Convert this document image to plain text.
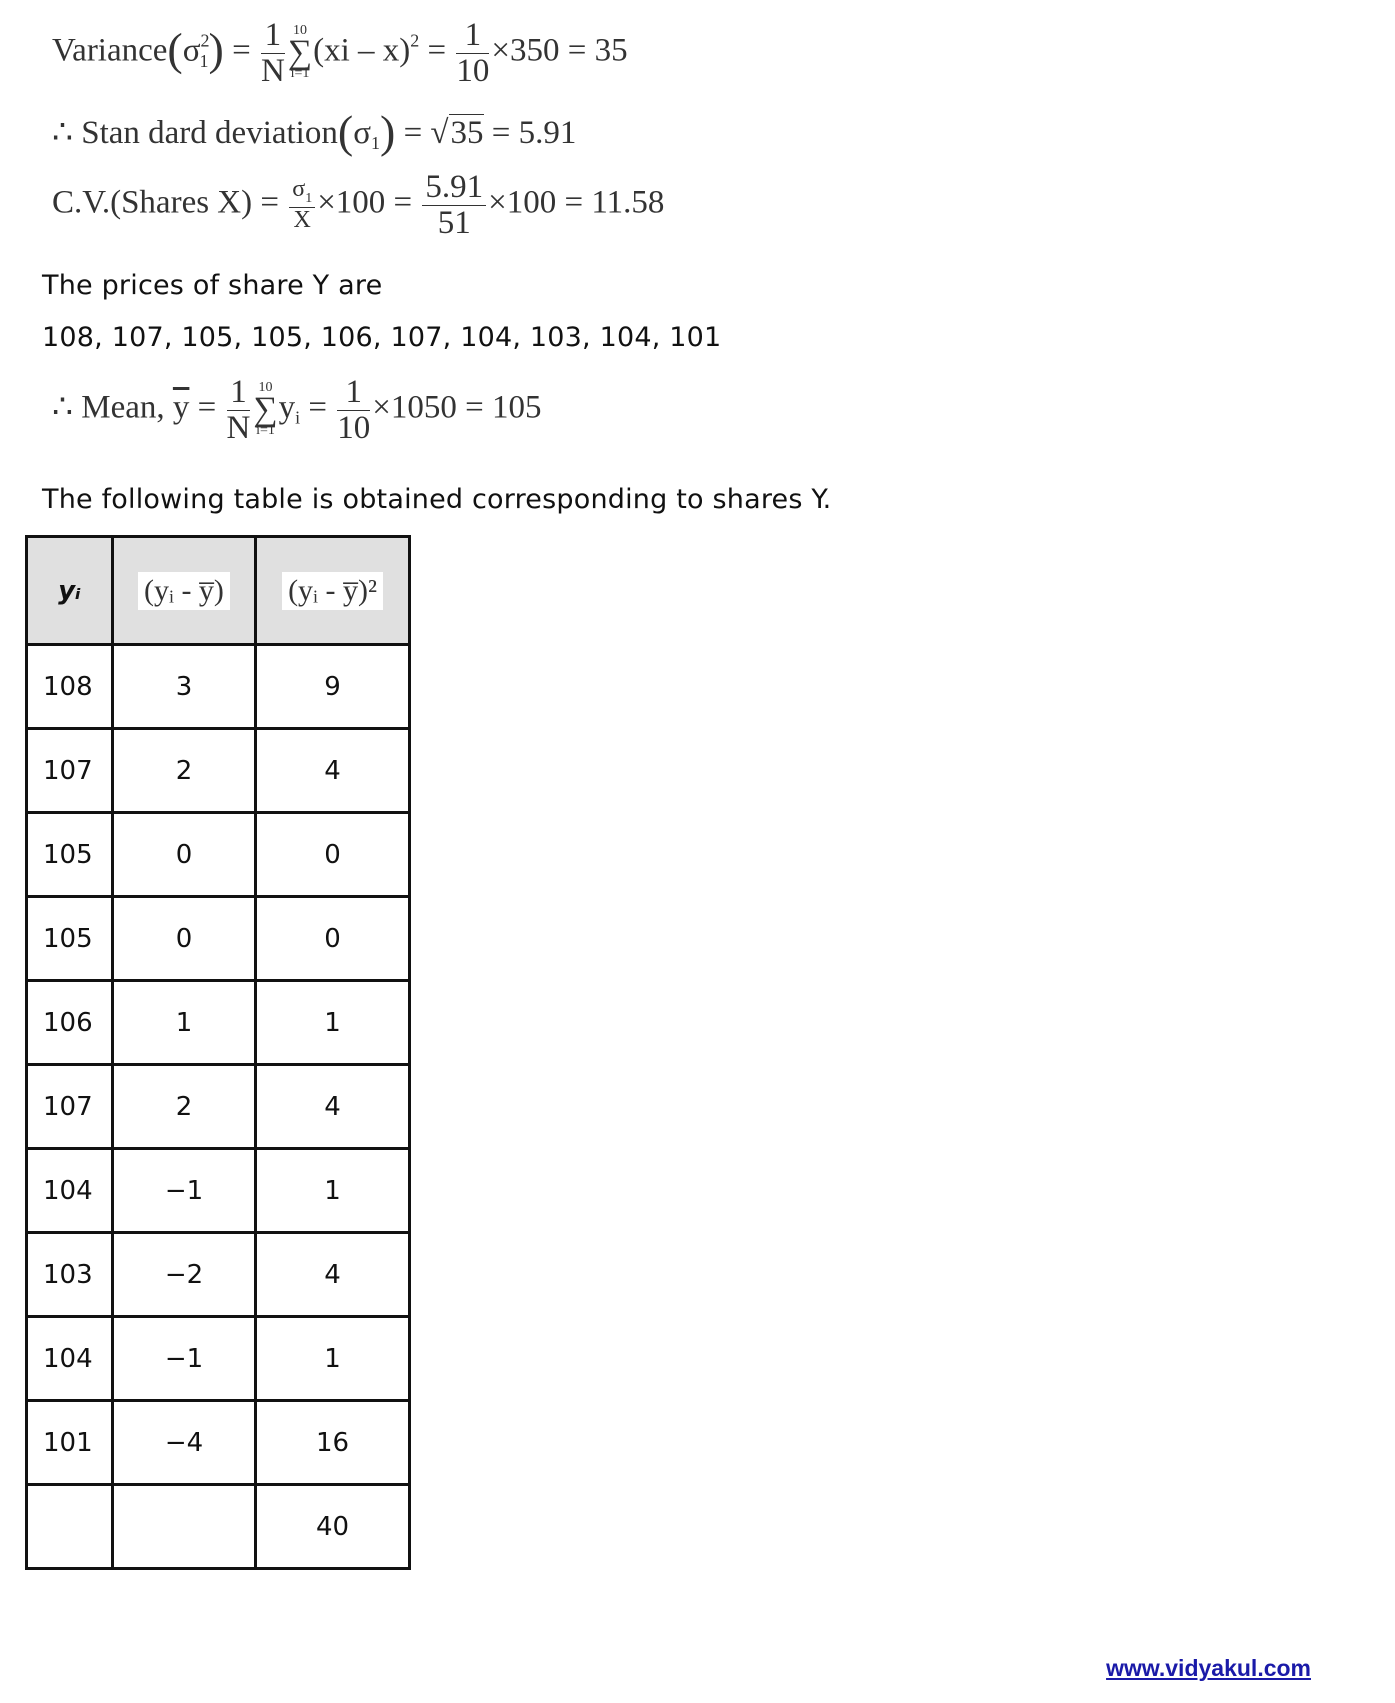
$Variance(\sigma^2_1) = \frac{1}{N} 10$
∑
i=1
$(xi - x)^2 = \frac{1}{10} \times 350 = 35$
∴ Stan dard $deviation(\sigma_1) = √35 = 5.91$
C.V.(Shares $X) = \frac{\sigma_1}{X} \times 100 = \frac{5.91}{51} \times 100 = 11.58$
The prices of share Y are
108, 107, 105, 105, 106, 107, 104, 103, 104, 101
∴ Mean, $\overline{y} = \frac{1}{N} 10$
∑
i=1
$y_i = \frac{1}{10} \times 1050 = 105$
The following table is obtained corresponding to shares Y.
yᵢ	(yᵢ - y̅)	(yᵢ - y̅)²
108	3	9
107	2	4
105	0	0
105	0	0
106	1	1
107	2	4
104	−1	1
103	−2	4
104	−1	1
101	−4	16
		40
www.vidyakul.com
